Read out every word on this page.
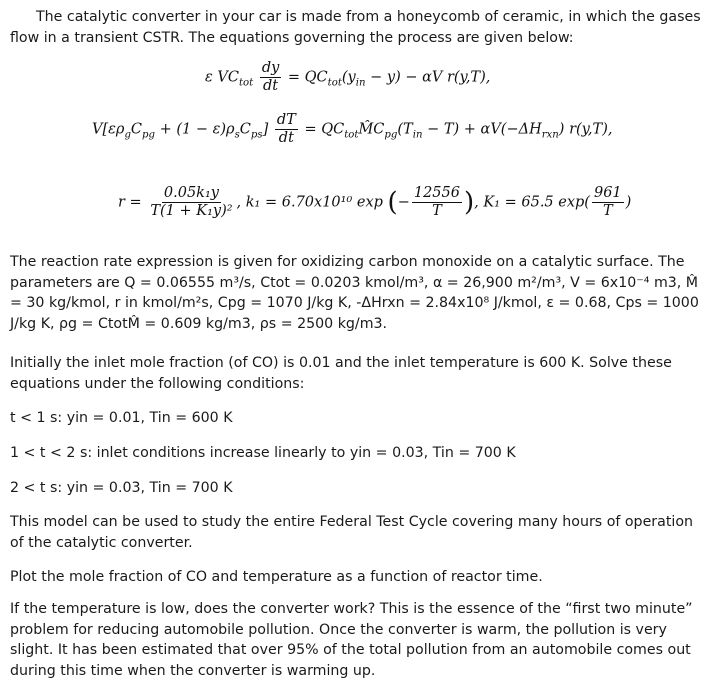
The catalytic converter in your car is made from a honeycomb of ceramic, in which the gases flow in a transient CSTR. The equations governing the process are given below:

ε $VC_{tot} \frac{dy}{dt} = QC_{tot}(y_{in} - y) - \alpha V$ r(y,T),
$V[\varepsilon\rho_gC_{pg} + (1 - \varepsilon)\rho_sC_{ps}] \frac{dT}{dt}$ = $QC_{tot}M̂C_{pg}(T_{in} - T) + \alpha V(-\Delta H_{rxn})$ r(y,T),
$r = \frac{\text{0.05k₁y}}{\text{T(1 + K₁y)²}}$ , k₁ = 6.70x10¹⁰ exp (− $\frac{12556}{T}$ ), K₁ = 65.5 $\exp( \frac{961}{T}$ )

The reaction rate expression is given for oxidizing carbon monoxide on a catalytic surface. The parameters are Q = 0.06555 m³/s, Ctot = 0.0203 kmol/m³, α = 26,900 m²/m³, V = 6x10⁻⁴ m3, M̂ = 30 kg/kmol, r in kmol/m²s, Cpg = 1070 J/kg K, -ΔHrxn = 2.84x10⁸ J/kmol, ε = 0.68, Cps = 1000 J/kg K, ρg = CtotM̂ = 0.609 kg/m3, ρs = 2500 kg/m3.

Initially the inlet mole fraction (of CO) is 0.01 and the inlet temperature is 600 K. Solve these equations under the following conditions:

t < 1 s: yin = 0.01, Tin = 600 K
1 < t < 2 s: inlet conditions increase linearly to yin = 0.03, Tin = 700 K
2 < t s: yin = 0.03, Tin = 700 K

This model can be used to study the entire Federal Test Cycle covering many hours of operation of the catalytic converter.

Plot the mole fraction of CO and temperature as a function of reactor time.

If the temperature is low, does the converter work? This is the essence of the “first two minute” problem for reducing automobile pollution. Once the converter is warm, the pollution is very slight. It has been estimated that over 95% of the total pollution from an automobile comes out during this time when the converter is warming up.
